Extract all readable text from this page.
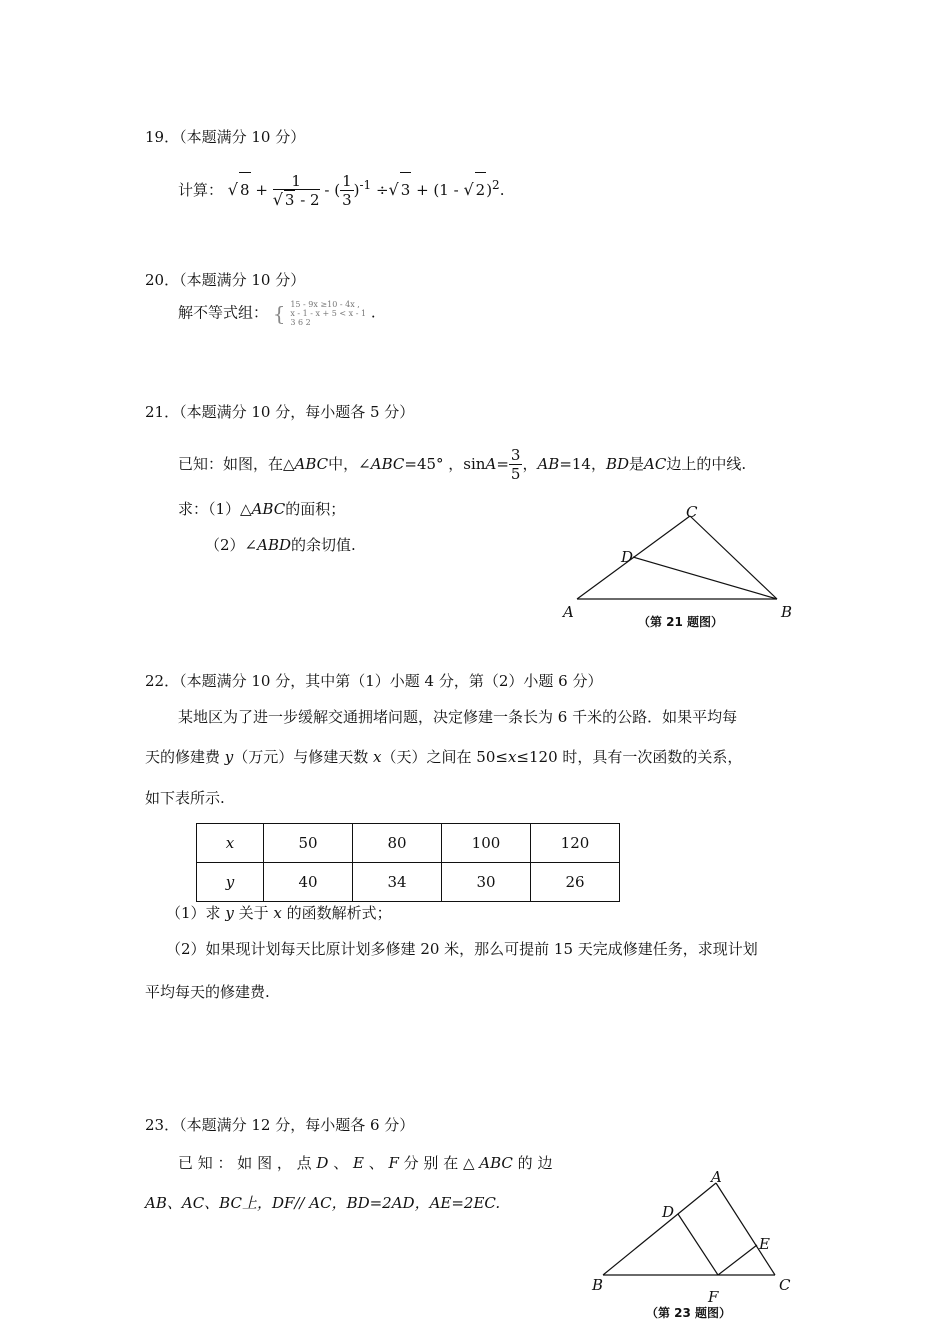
19．（本题满分 10 分）
计算： √ $8 + \frac{1}{√ 3 - 2}$ - ( $\frac{1}{3} )^{-1}$ ÷√ 3 + (1 - √ 2)$^2$.
20．（本题满分 10 分）
解不等式组： { 15 - 9x ≥10 - 4x ,
x - 1 - x + 5 < x - 1
3 6 2
.
21．（本题满分 10 分，每小题各 5 分）
已知：如图，在△ABC中，∠ABC=45° ，$\sin A= \frac{3}{5}$ ，AB=14，BD是AC边上的中线.
求：（1）△ABC的面积；
（2）∠ABD的余切值.
A	B
C
D
（第 21 题图）
22．（本题满分 10 分，其中第（1）小题 4 分，第（2）小题 6 分）
某地区为了进一步缓解交通拥堵问题，决定修建一条长为 6 千米的公路．如果平均每
天的修建费 y（万元）与修建天数 x（天）之间在 50≤x≤120 时，具有一次函数的关系，
如下表所示.
x	50	80	100	120
y	40	34	30	26
（1）求 y 关于 x 的函数解析式；
（2）如果现计划每天比原计划多修建 20 米，那么可提前 15 天完成修建任务，求现计划
平均每天的修建费.
23．（本题满分 12 分，每小题各 6 分）
已 知 ： 如 图 ， 点 D 、 E 、 F 分 别 在 △ ABC 的 边
AB、AC、BC上，DF// AC，BD=2AD，AE=2EC.
A
B	C
D
E
F
（第 23 题图）
